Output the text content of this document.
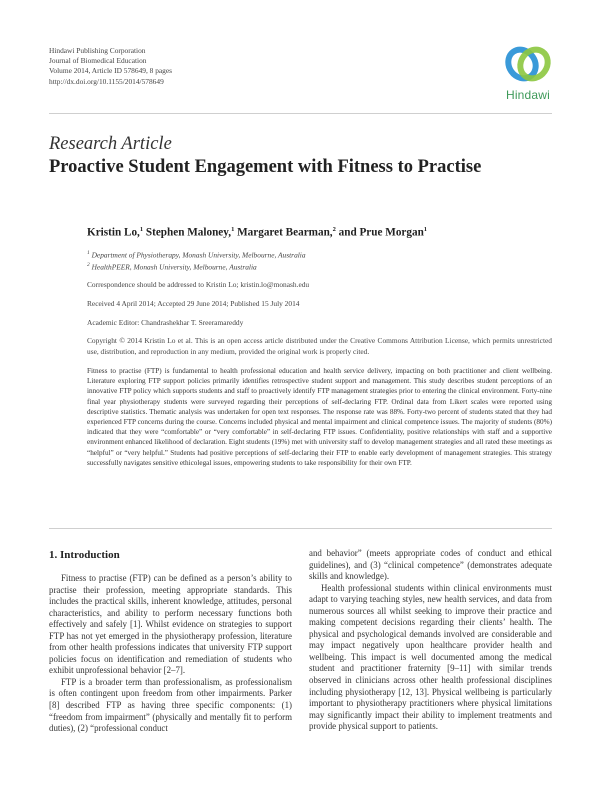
Hindawi Publishing Corporation
Journal of Biomedical Education
Volume 2014, Article ID 578649, 8 pages
http://dx.doi.org/10.1155/2014/578649
Hindawi
Research Article
Proactive Student Engagement with Fitness to Practise
Kristin Lo,$^1$ Stephen Maloney,$^1$ Margaret Bearman,$^2$ and Prue Morgan$^1$
$^1$ Department of Physiotherapy, Monash University, Melbourne, Australia
$^2$ HealthPEER, Monash University, Melbourne, Australia
Correspondence should be addressed to Kristin Lo; kristin.lo@monash.edu
Received 4 April 2014; Accepted 29 June 2014; Published 15 July 2014
Academic Editor: Chandrashekhar T. Sreeramareddy
Copyright © 2014 Kristin Lo et al. This is an open access article distributed under the Creative Commons Attribution License, which permits unrestricted use, distribution, and reproduction in any medium, provided the original work is properly cited.
Fitness to practise (FTP) is fundamental to health professional education and health service delivery, impacting on both practitioner and client wellbeing. Literature exploring FTP support policies primarily identifies retrospective student support and management. This study describes student perceptions of an innovative FTP policy which supports students and staff to proactively identify FTP management strategies prior to entering the clinical environment. Forty-nine final year physiotherapy students were surveyed regarding their perceptions of self-declaring FTP. Ordinal data from Likert scales were reported using descriptive statistics. Thematic analysis was undertaken for open text responses. The response rate was 88%. Forty-two percent of students stated that they had experienced FTP concerns during the course. Concerns included physical and mental impairment and clinical competence issues. The majority of students (80%) indicated that they were “comfortable” or “very comfortable” in self-declaring FTP issues. Confidentiality, positive relationships with staff and a supportive environment enhanced likelihood of declaration. Eight students (19%) met with university staff to develop management strategies and all rated these meetings as “helpful” or “very helpful.” Students had positive perceptions of self-declaring their FTP to enable early development of management strategies. This strategy successfully navigates sensitive ethicolegal issues, empowering students to take responsibility for their own FTP.
1. Introduction

Fitness to practise (FTP) can be defined as a person’s ability to practise their profession, meeting appropriate standards. This includes the practical skills, inherent knowledge, attitudes, personal characteristics, and ability to perform necessary functions both effectively and safely [1]. Whilst evidence on strategies to support FTP has not yet emerged in the physiotherapy profession, literature from other health professions indicates that university FTP support policies focus on identification and remediation of students who exhibit unprofessional behavior [2–7].

FTP is a broader term than professionalism, as professionalism is often contingent upon freedom from other impairments. Parker [8] described FTP as having three specific components: (1) “freedom from impairment” (physically and mentally fit to perform duties), (2) “professional conduct

and behavior” (meets appropriate codes of conduct and ethical guidelines), and (3) “clinical competence” (demonstrates adequate skills and knowledge).

Health professional students within clinical environments must adapt to varying teaching styles, new health services, and data from numerous sources all whilst seeking to improve their practice and making competent decisions regarding their clients’ health. The physical and psychological demands involved are considerable and may impact negatively upon healthcare provider health and wellbeing. This impact is well documented among the medical student and practitioner fraternity [9–11] with similar trends observed in clinicians across other health professional disciplines including physiotherapy [12, 13]. Physical wellbeing is particularly important to physiotherapy practitioners where physical limitations may significantly impact their ability to implement treatments and provide physical support to patients.
